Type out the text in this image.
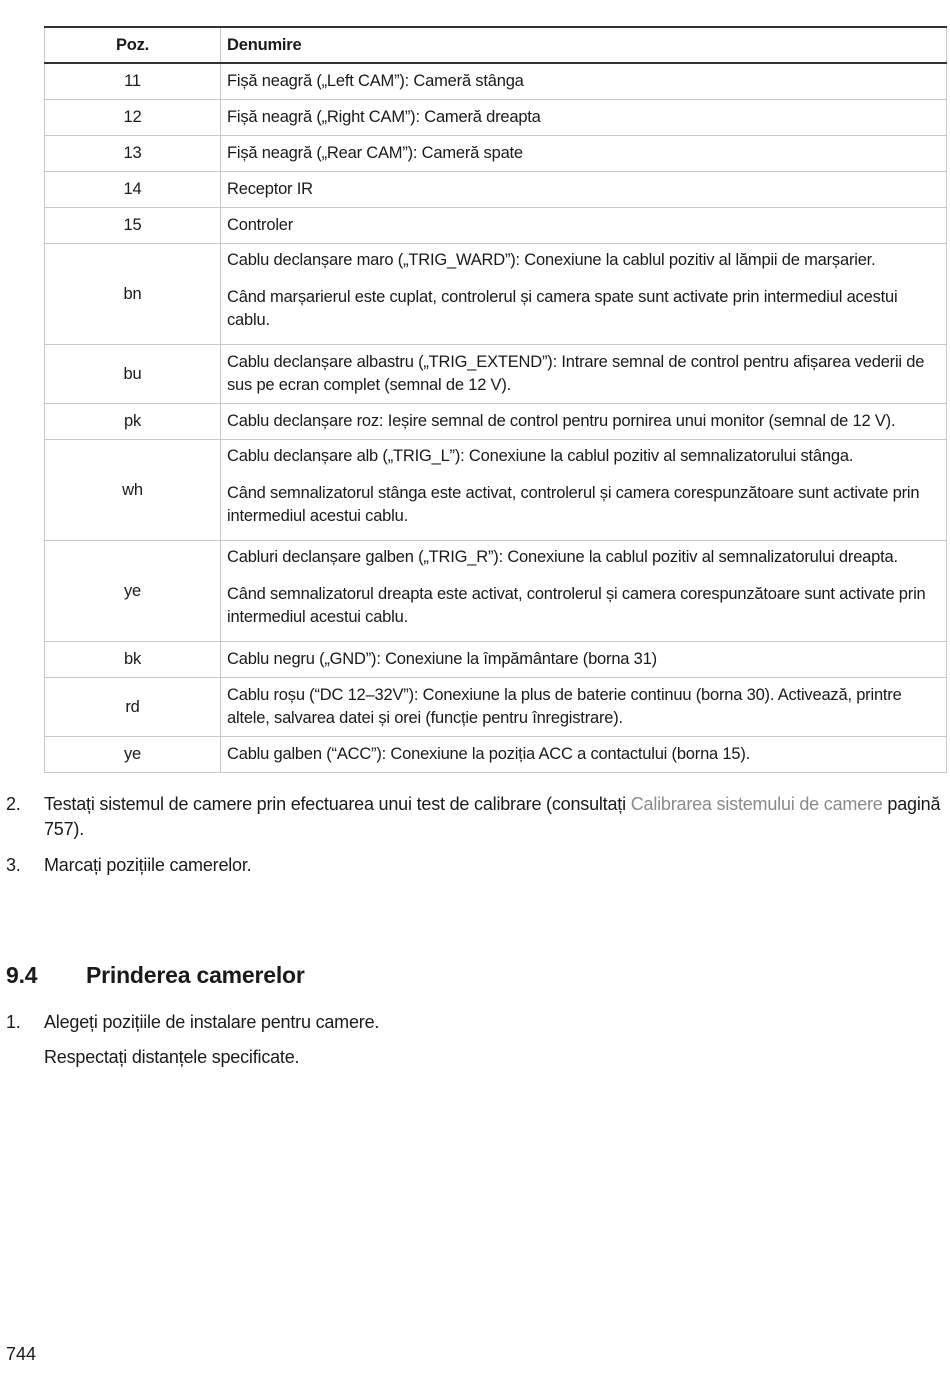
Poz.	Denumire
11	Fișă neagră („Left CAM”): Cameră stânga

12	Fișă neagră („Right CAM”): Cameră dreapta

13	Fișă neagră („Rear CAM”): Cameră spate

14	Receptor IR

15	Controler

bn	Cablu declanșare maro („TRIG_WARD”): Conexiune la cablul pozitiv al lămpii de marșarier.

Când marșarierul este cuplat, controlerul și camera spate sunt activate prin intermediul acestui cablu.

bu	Cablu declanșare albastru („TRIG_EXTEND”): Intrare semnal de control pentru afișarea vederii de sus pe ecran complet (semnal de 12 V).

pk	Cablu declanșare roz: Ieșire semnal de control pentru pornirea unui monitor (semnal de 12 V).

wh	Cablu declanșare alb („TRIG_L”): Conexiune la cablul pozitiv al semnalizatorului stânga.

Când semnalizatorul stânga este activat, controlerul și camera corespunzătoare sunt activate prin intermediul acestui cablu.

ye	Cabluri declanșare galben („TRIG_R”): Conexiune la cablul pozitiv al semnalizatorului dreapta.

Când semnalizatorul dreapta este activat, controlerul și camera corespunzătoare sunt activate prin intermediul acestui cablu.

bk	Cablu negru („GND”): Conexiune la împământare (borna 31)

rd	Cablu roșu (“DC 12–32V”): Conexiune la plus de baterie continuu (borna 30). Activează, printre altele, salvarea datei și orei (funcție pentru înregistrare).

ye	Cablu galben (“ACC”): Conexiune la poziția ACC a contactului (borna 15).

2. Testați sistemul de camere prin efectuarea unui test de calibrare (consultați Calibrarea sistemului de camere pagină 757).
3. Marcați pozițiile camerelor.
9.4 Prinderea camerelor
1. Alegeți pozițiile de instalare pentru camere.
Respectați distanțele specificate.
744
